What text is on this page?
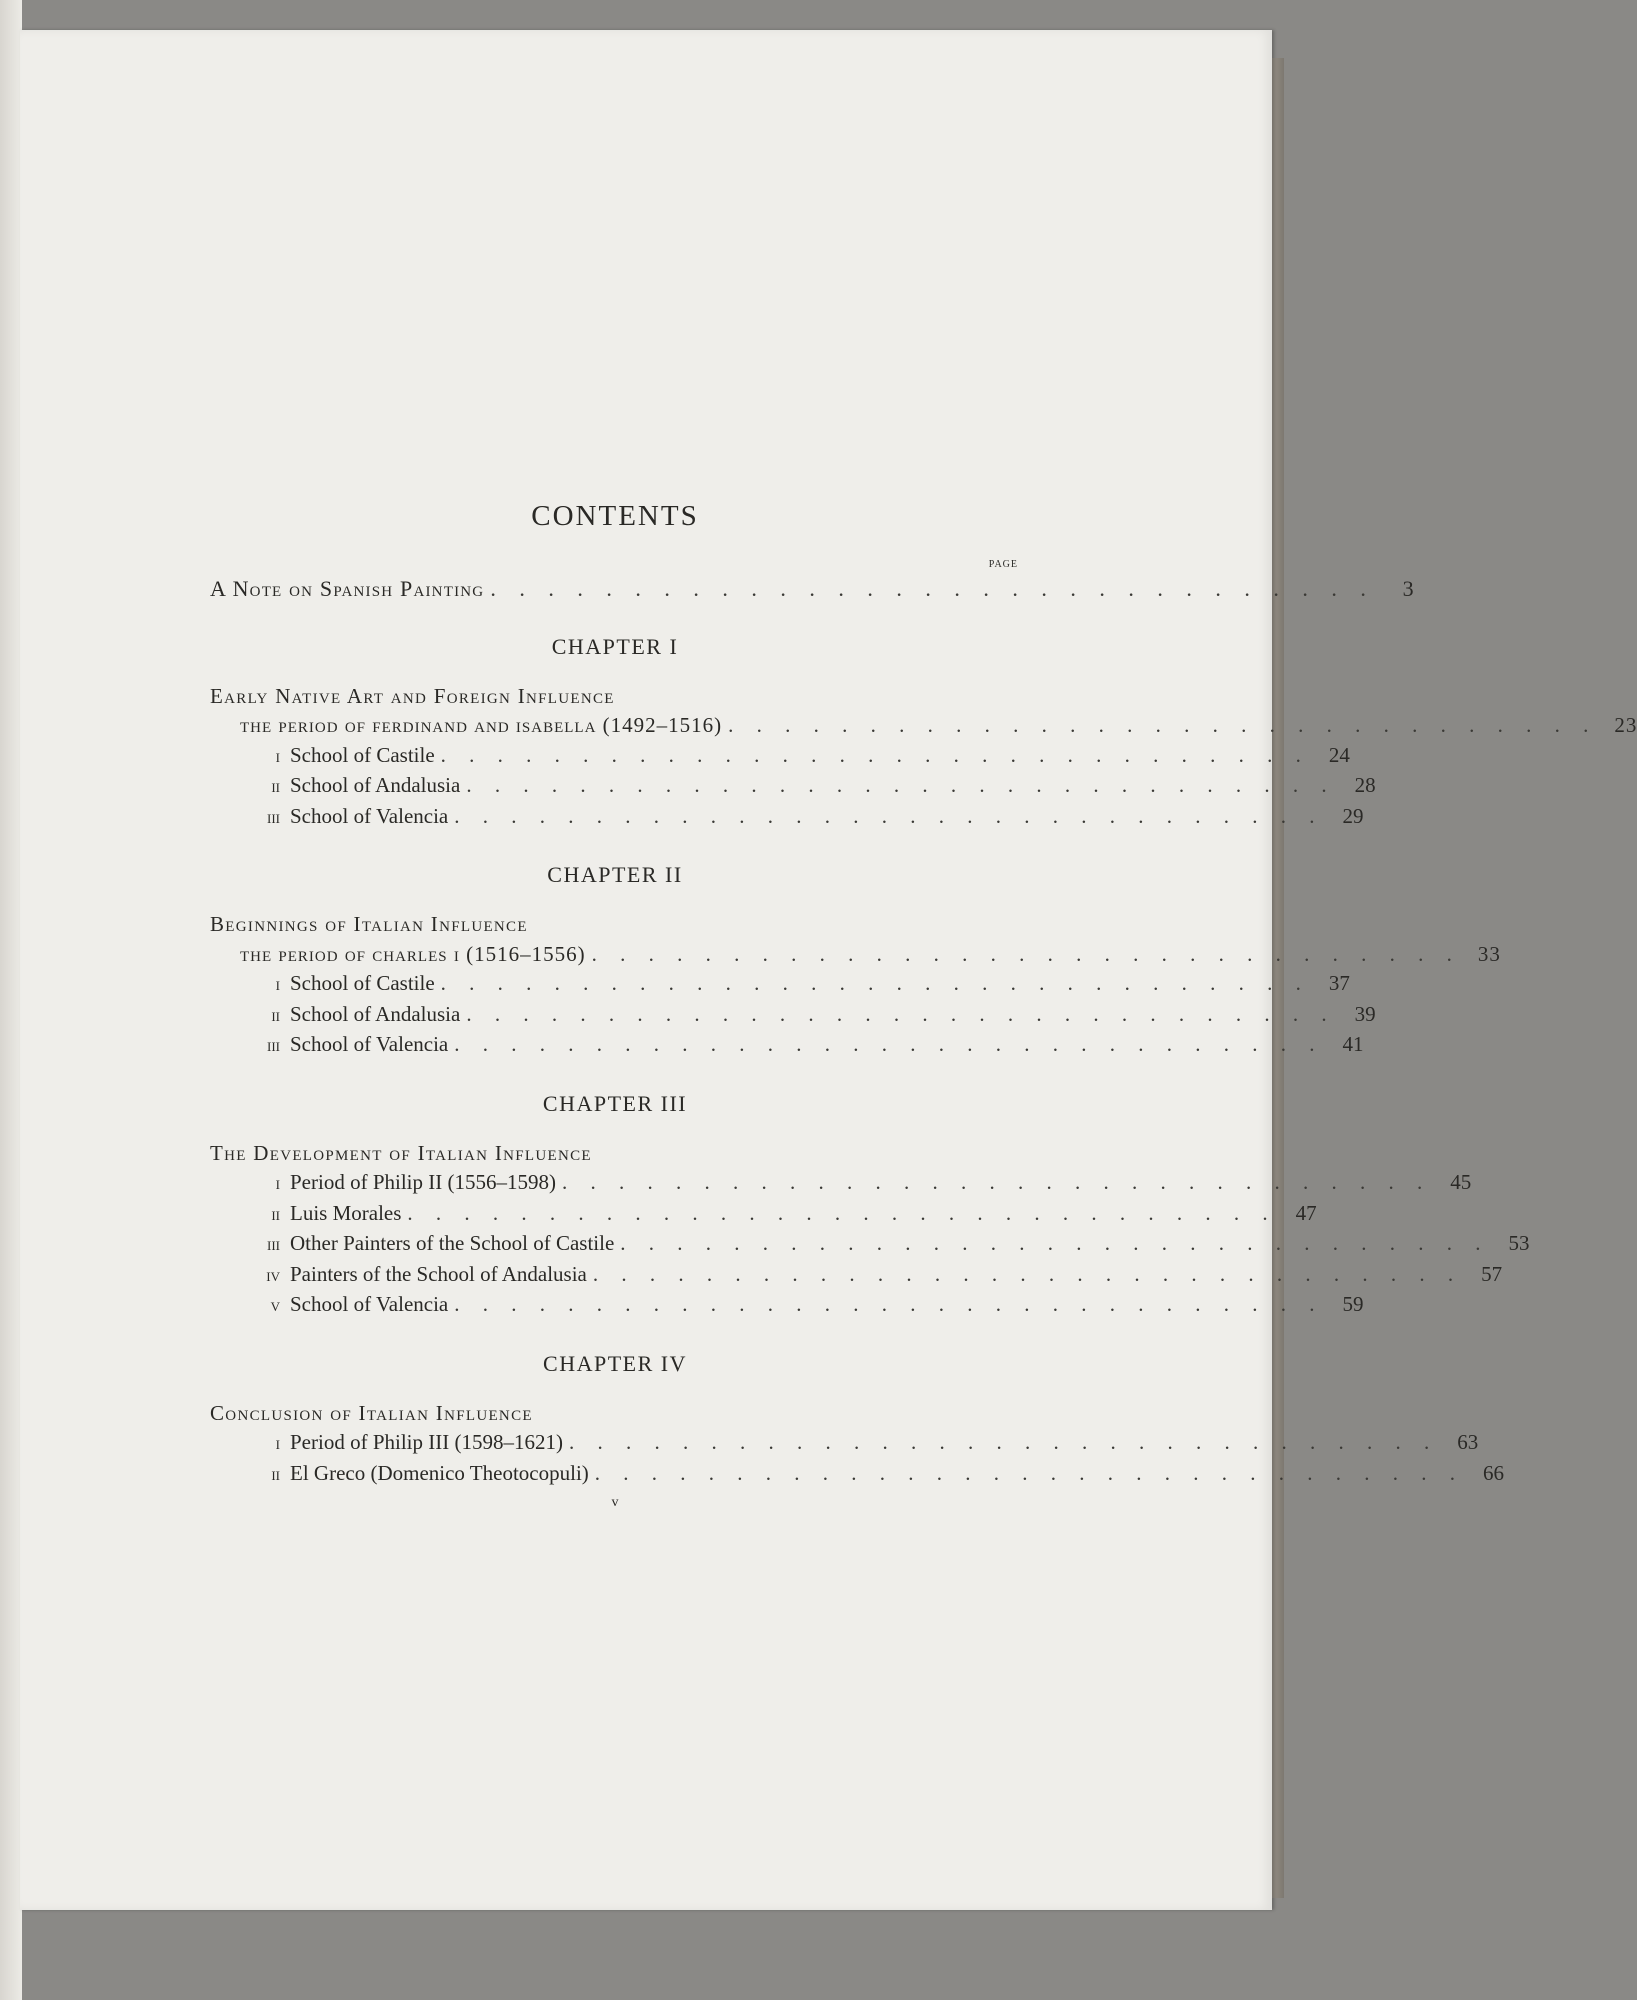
CONTENTS
PAGE
A Note on Spanish Painting . . . . . . . . . . . . . . . . . . . . . . . . . . . . . . .	3
CHAPTER I
Early Native Art and Foreign Influence
the period of ferdinand and isabella (1492–1516) . . . . . . . . . . . . . . . . . . . . . . . . . . . . . . . 23
i School of Castile . . . . . . . . . . . . . . . . . . . . . . . . . . . . . . . 24
ii School of Andalusia . . . . . . . . . . . . . . . . . . . . . . . . . . . . . . . 28
iii School of Valencia . . . . . . . . . . . . . . . . . . . . . . . . . . . . . . . 29
CHAPTER II
Beginnings of Italian Influence
the period of charles i (1516–1556) . . . . . . . . . . . . . . . . . . . . . . . . . . . . . . . 33
i School of Castile . . . . . . . . . . . . . . . . . . . . . . . . . . . . . . . 37
ii School of Andalusia . . . . . . . . . . . . . . . . . . . . . . . . . . . . . . . 39
iii School of Valencia . . . . . . . . . . . . . . . . . . . . . . . . . . . . . . . 41
CHAPTER III
The Development of Italian Influence
i Period of Philip II (1556–1598) . . . . . . . . . . . . . . . . . . . . . . . . . . . . . . . 45
ii Luis Morales . . . . . . . . . . . . . . . . . . . . . . . . . . . . . . . 47
iii Other Painters of the School of Castile . . . . . . . . . . . . . . . . . . . . . . . . . . . . . . . 53
iv Painters of the School of Andalusia . . . . . . . . . . . . . . . . . . . . . . . . . . . . . . . 57
v School of Valencia . . . . . . . . . . . . . . . . . . . . . . . . . . . . . . . 59
CHAPTER IV
Conclusion of Italian Influence
i Period of Philip III (1598–1621) . . . . . . . . . . . . . . . . . . . . . . . . . . . . . . . 63
ii El Greco (Domenico Theotocopuli) . . . . . . . . . . . . . . . . . . . . . . . . . . . . . . . 66
v
